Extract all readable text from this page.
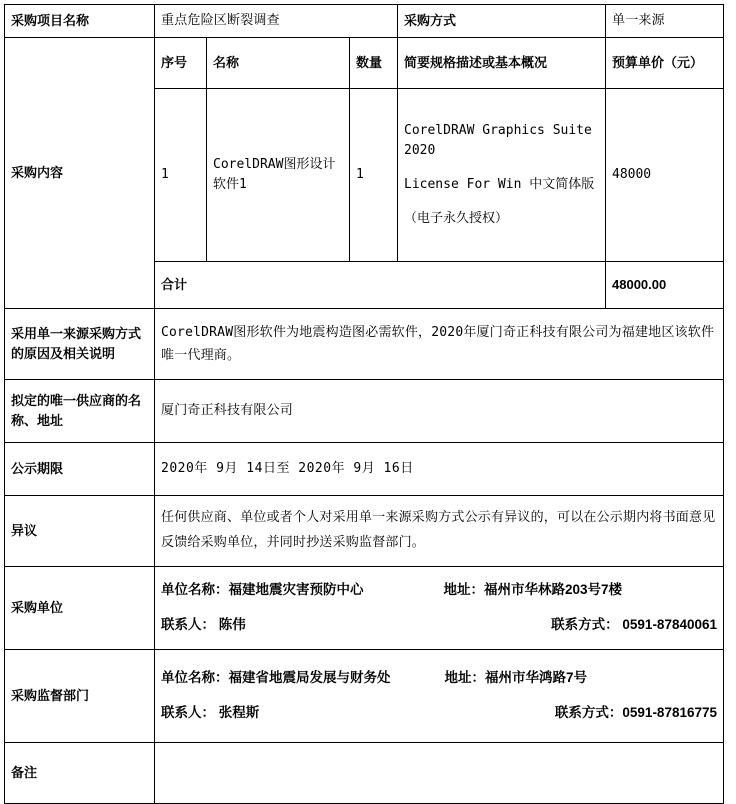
采购项目名称	重点危险区断裂调查			采购方式	单一来源
采购内容	序号	名称	数量	简要规格描述或基本概况	预算单价（元）
	1	CorelDRAW图形设计软件1	1	CorelDRAW Graphics Suite 2020
License For Win 中文简体版
（电子永久授权）	48000
	合计				48000.00
采用单一来源采购方式的原因及相关说明	CorelDRAW图形软件为地震构造图必需软件，2020年厦门奇正科技有限公司为福建地区该软件唯一代理商。				
拟定的唯一供应商的名称、地址	厦门奇正科技有限公司				
公示期限	2020年 9月 14日至 2020年 9月 16日				
异议	任何供应商、单位或者个人对采用单一来源采购方式公示有异议的，可以在公示期内将书面意见反馈给采购单位，并同时抄送采购监督部门。				
采购单位	单位名称：福建地震灾害预防中心 地址：福州市华林路203号7楼
联系人： 陈伟 联系方式： 0591-87840061				

采购监督部门	单位名称：福建省地震局发展与财务处 地址：福州市华鸿路7号
联系人： 张程斯 联系方式：0591-87816775				

备注					
